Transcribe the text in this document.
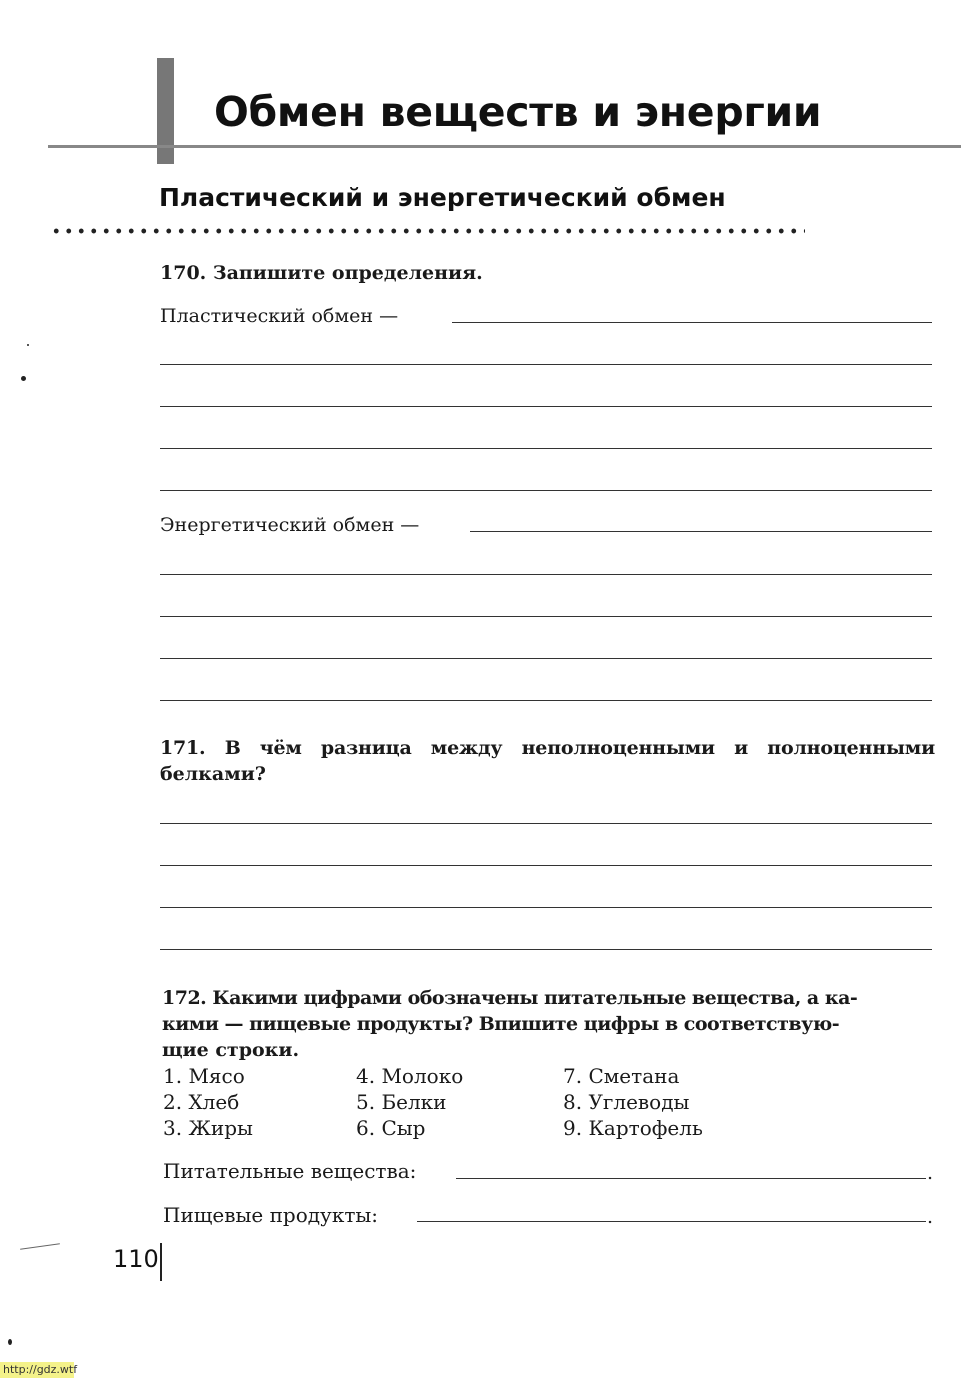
Обмен веществ и энергии
Пластический и энергетический обмен
170. Запишите определения.
Пластический обмен —
Энергетический обмен —
171. В чём разница между неполноценными и полноценными
белками?
172. Какими цифрами обозначены питательные вещества, а ка-
кими — пищевые продукты? Впишите цифры в соответствую-
щие строки.
1. Мясо
2. Хлеб
3. Жиры
4. Молоко
5. Белки
6. Сыр
7. Сметана
8. Углеводы
9. Картофель
Питательные вещества:	.
Пищевые продукты:	.
110
http://gdz.wtf
